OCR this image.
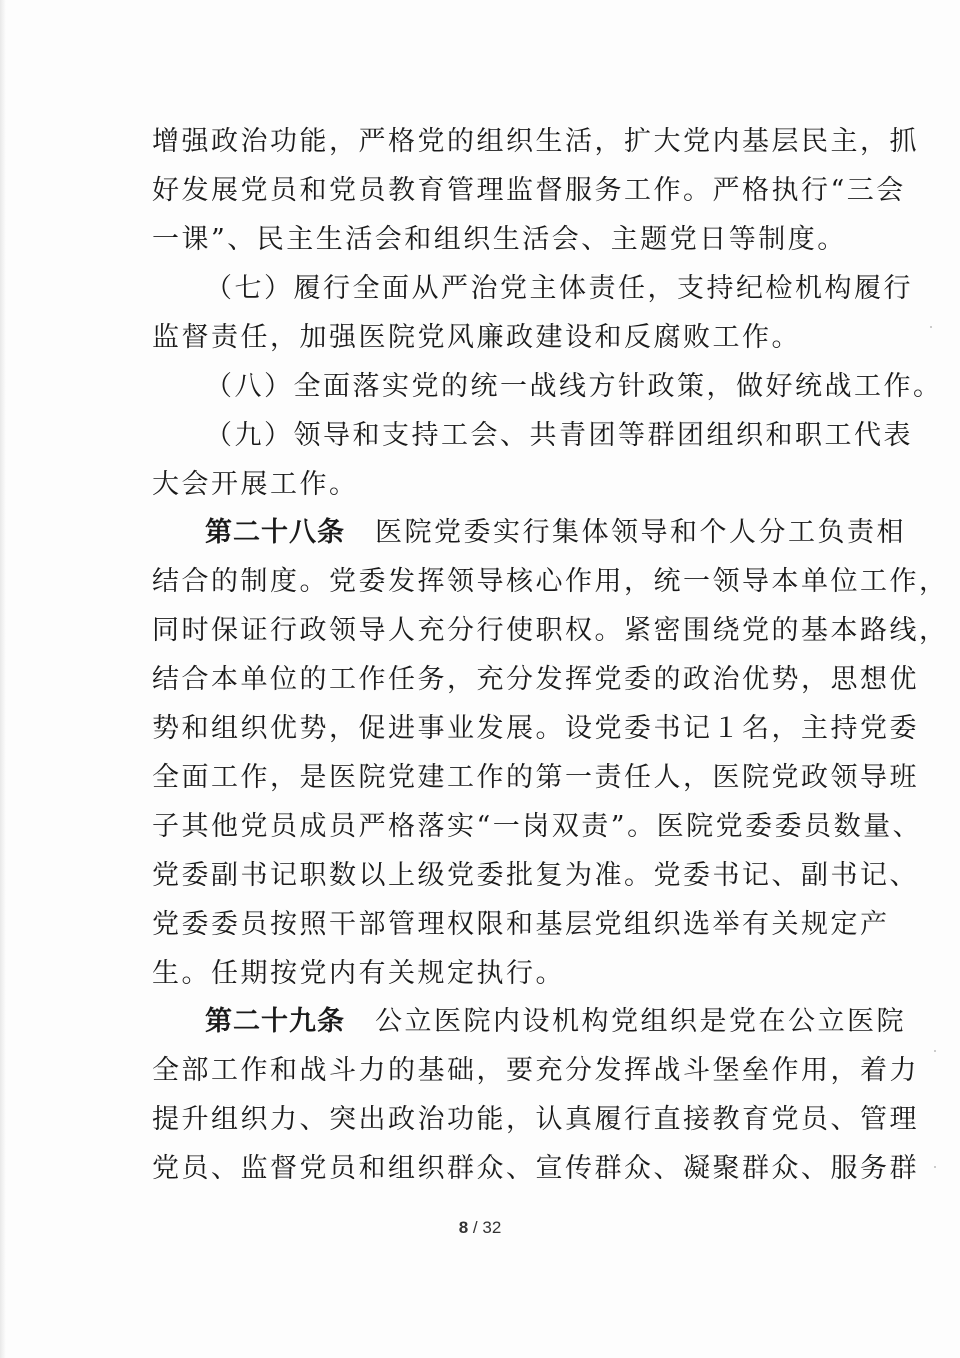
增强政治功能，严格党的组织生活，扩大党内基层民主，抓
好发展党员和党员教育管理监督服务工作。严格执行“三会
一课”、民主生活会和组织生活会、主题党日等制度。
（七）履行全面从严治党主体责任，支持纪检机构履行
监督责任，加强医院党风廉政建设和反腐败工作。
（八）全面落实党的统一战线方针政策，做好统战工作。
（九）领导和支持工会、共青团等群团组织和职工代表
大会开展工作。
第二十八条 医院党委实行集体领导和个人分工负责相
结合的制度。党委发挥领导核心作用，统一领导本单位工作，
同时保证行政领导人充分行使职权。紧密围绕党的基本路线，
结合本单位的工作任务，充分发挥党委的政治优势，思想优
势和组织优势，促进事业发展。设党委书记１名，主持党委
全面工作，是医院党建工作的第一责任人，医院党政领导班
子其他党员成员严格落实“一岗双责”。医院党委委员数量、
党委副书记职数以上级党委批复为准。党委书记、副书记、
党委委员按照干部管理权限和基层党组织选举有关规定产
生。任期按党内有关规定执行。
第二十九条 公立医院内设机构党组织是党在公立医院
全部工作和战斗力的基础，要充分发挥战斗堡垒作用，着力
提升组织力、突出政治功能，认真履行直接教育党员、管理
党员、监督党员和组织群众、宣传群众、凝聚群众、服务群
8 / 32
